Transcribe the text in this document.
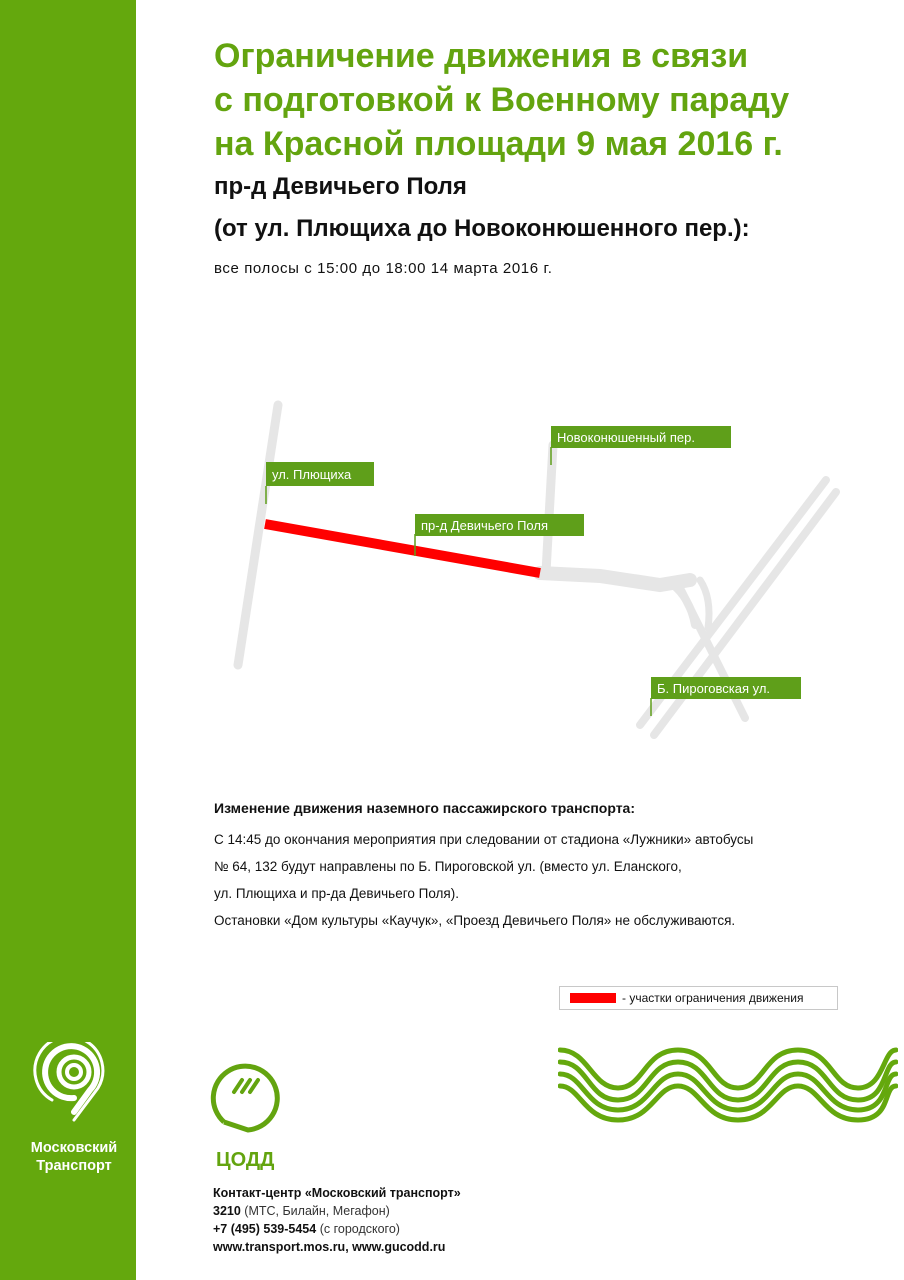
Московский
Транспорт
Ограничение движения в связи
с подготовкой к Военному параду
на Красной площади 9 мая 2016 г.
пр-д Девичьего Поля
(от ул. Плющиха до Новоконюшенного пер.):
все полосы с 15:00 до 18:00 14 марта 2016 г.
ул. Плющиха
Новоконюшенный пер.
пр-д Девичьего Поля
Б. Пироговская ул.
Изменение движения наземного пассажирского транспорта:
С 14:45 до окончания мероприятия при следовании от стадиона «Лужники» автобусы
№ 64, 132 будут направлены по Б. Пироговской ул. (вместо ул. Еланского,
ул. Плющиха и пр-да Девичьего Поля).
Остановки «Дом культуры «Каучук», «Проезд Девичьего Поля» не обслуживаются.
- участки ограничения движения
ЦОДД
Контакт-центр «Московский транспорт»
3210 (МТС, Билайн, Мегафон)
+7 (495) 539-5454 (с городского)
www.transport.mos.ru, www.gucodd.ru
